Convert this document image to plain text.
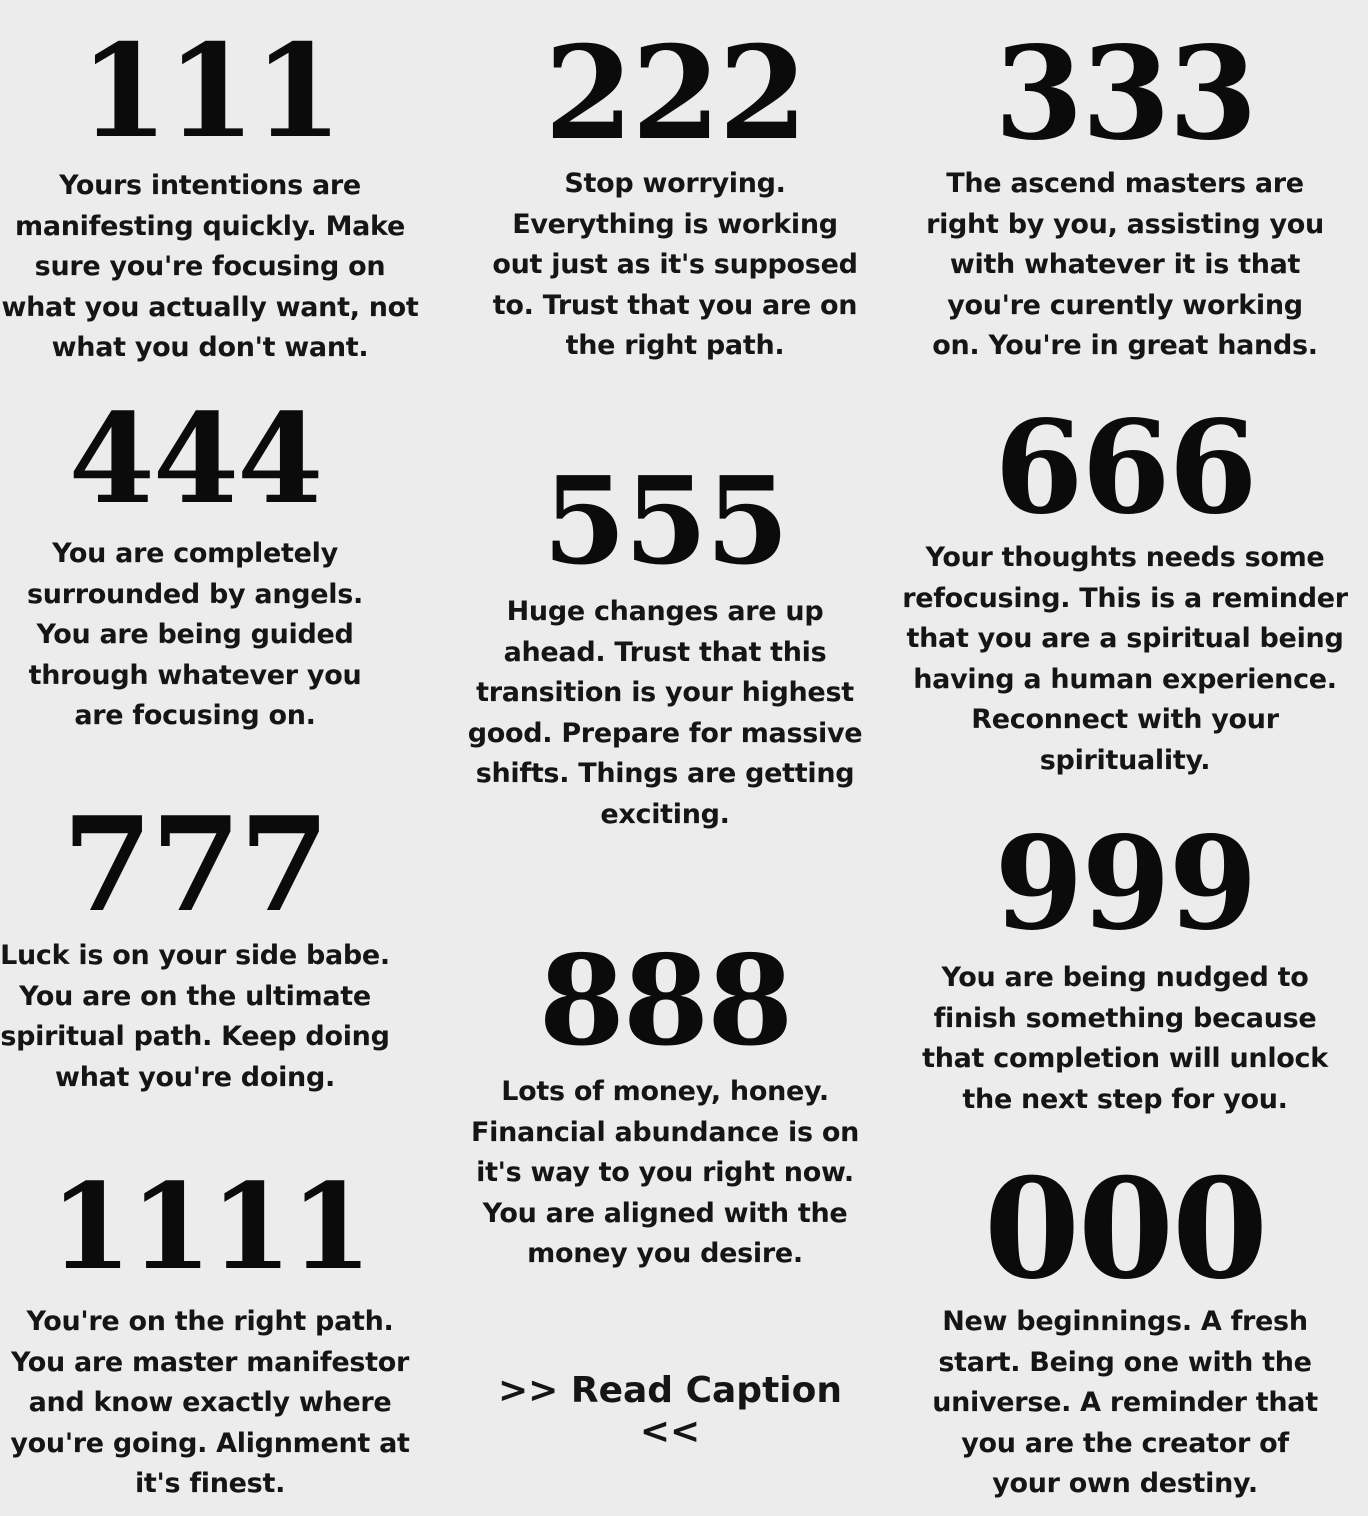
111
Yours intentions are
manifesting quickly. Make
sure you're focusing on
what you actually want, not
what you don't want.
444
You are completely
surrounded by angels.
You are being guided
through whatever you
are focusing on.
777
Luck is on your side babe.
You are on the ultimate
spiritual path. Keep doing
what you're doing.
1111
You're on the right path.
You are master manifestor
and know exactly where
you're going. Alignment at
it's finest.
222
Stop worrying.
Everything is working
out just as it's supposed
to. Trust that you are on
the right path.
555
Huge changes are up
ahead. Trust that this
transition is your highest
good. Prepare for massive
shifts. Things are getting
exciting.
888
Lots of money, honey.
Financial abundance is on
it's way to you right now.
You are aligned with the
money you desire.
>> Read Caption <<
333
The ascend masters are
right by you, assisting you
with whatever it is that
you're curently working
on. You're in great hands.
666
Your thoughts needs some
refocusing. This is a reminder
that you are a spiritual being
having a human experience.
Reconnect with your
spirituality.
999
You are being nudged to
finish something because
that completion will unlock
the next step for you.
000
New beginnings. A fresh
start. Being one with the
universe. A reminder that
you are the creator of
your own destiny.
